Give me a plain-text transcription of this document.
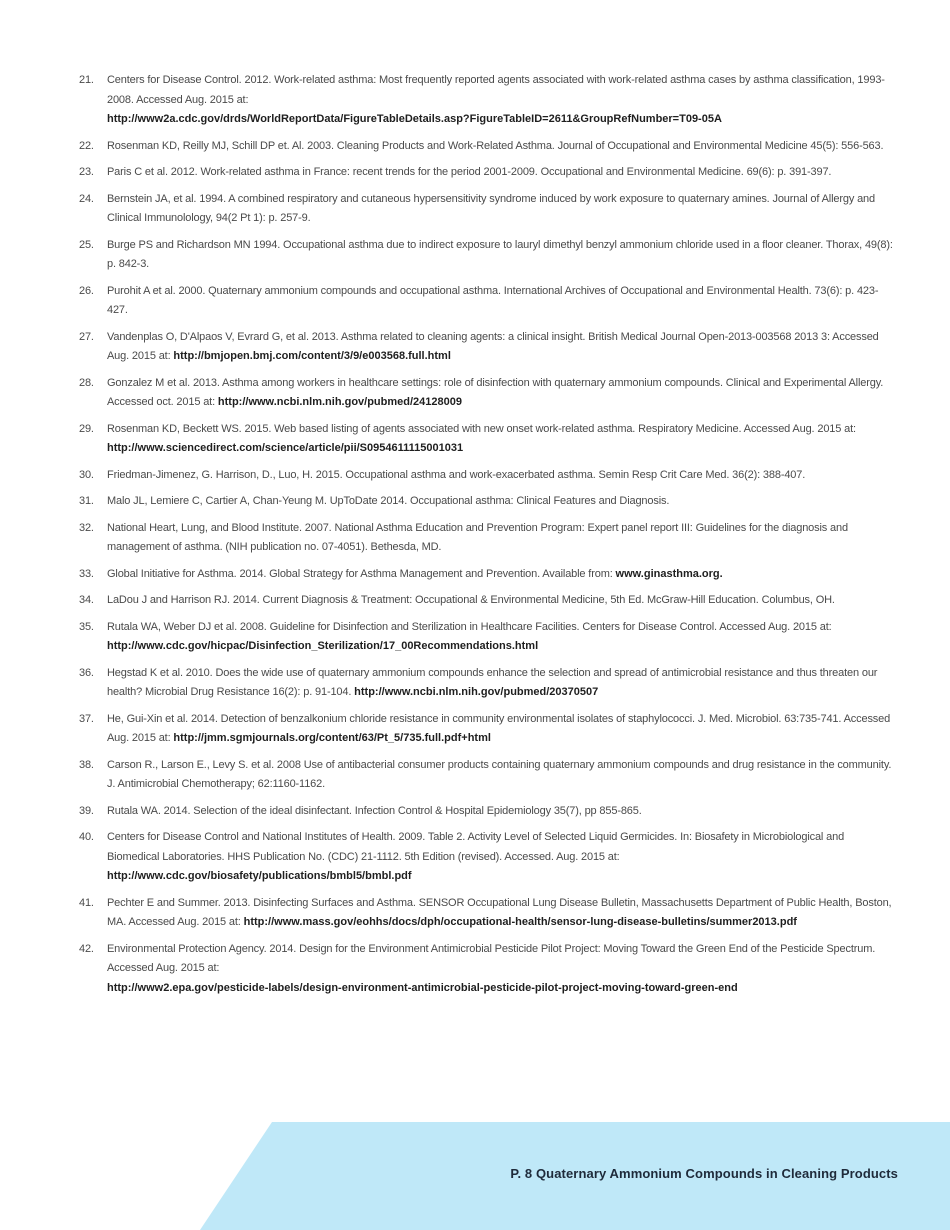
21.	Centers for Disease Control. 2012. Work-related asthma: Most frequently reported agents associated with work-related asthma cases by asthma classification, 1993-2008. Accessed Aug. 2015 at:
http://www2a.cdc.gov/drds/WorldReportData/FigureTableDetails.asp?FigureTableID=2611&GroupRefNumber=T09-05A
22.	Rosenman KD, Reilly MJ, Schill DP et. Al. 2003. Cleaning Products and Work-Related Asthma. Journal of Occupational and Environmental Medicine 45(5): 556-563.
23.	Paris C et al. 2012. Work-related asthma in France: recent trends for the period 2001-2009. Occupational and Environmental Medicine. 69(6): p. 391-397.
24.	Bernstein JA, et al. 1994. A combined respiratory and cutaneous hypersensitivity syndrome induced by work exposure to quaternary amines. Journal of Allergy and Clinical Immunolology, 94(2 Pt 1): p. 257-9.
25.	Burge PS and Richardson MN 1994. Occupational asthma due to indirect exposure to lauryl dimethyl benzyl ammonium chloride used in a floor cleaner. Thorax, 49(8): p. 842-3.
26.	Purohit A et al. 2000. Quaternary ammonium compounds and occupational asthma. International Archives of Occupational and Environmental Health. 73(6): p. 423-427.
27.	Vandenplas O, D'Alpaos V, Evrard G, et al. 2013. Asthma related to cleaning agents: a clinical insight. British Medical Journal Open-2013-003568 2013 3: Accessed Aug. 2015 at: http://bmjopen.bmj.com/content/3/9/e003568.full.html
28.	Gonzalez M et al. 2013. Asthma among workers in healthcare settings: role of disinfection with quaternary ammonium compounds. Clinical and Experimental Allergy. Accessed oct. 2015 at: http://www.ncbi.nlm.nih.gov/pubmed/24128009
29.	Rosenman KD, Beckett WS. 2015. Web based listing of agents associated with new onset work-related asthma. Respiratory Medicine. Accessed Aug. 2015 at: http://www.sciencedirect.com/science/article/pii/S0954611115001031
30.	Friedman-Jimenez, G. Harrison, D., Luo, H. 2015. Occupational asthma and work-exacerbated asthma. Semin Resp Crit Care Med. 36(2): 388-407.
31.	Malo JL, Lemiere C, Cartier A, Chan-Yeung M. UpToDate 2014. Occupational asthma: Clinical Features and Diagnosis.
32.	National Heart, Lung, and Blood Institute. 2007. National Asthma Education and Prevention Program: Expert panel report III: Guidelines for the diagnosis and management of asthma. (NIH publication no. 07-4051). Bethesda, MD.
33.	Global Initiative for Asthma. 2014. Global Strategy for Asthma Management and Prevention. Available from: www.ginasthma.org.
34.	LaDou J and Harrison RJ. 2014. Current Diagnosis & Treatment: Occupational & Environmental Medicine, 5th Ed. McGraw-Hill Education. Columbus, OH.
35.	Rutala WA, Weber DJ et al. 2008. Guideline for Disinfection and Sterilization in Healthcare Facilities. Centers for Disease Control. Accessed Aug. 2015 at:
http://www.cdc.gov/hicpac/Disinfection_Sterilization/17_00Recommendations.html
36.	Hegstad K et al. 2010. Does the wide use of quaternary ammonium compounds enhance the selection and spread of antimicrobial resistance and thus threaten our health? Microbial Drug Resistance 16(2): p. 91-104. http://www.ncbi.nlm.nih.gov/pubmed/20370507
37.	He, Gui-Xin et al. 2014. Detection of benzalkonium chloride resistance in community environmental isolates of staphylococci. J. Med. Microbiol. 63:735-741. Accessed Aug. 2015 at: http://jmm.sgmjournals.org/content/63/Pt_5/735.full.pdf+html
38.	Carson R., Larson E., Levy S. et al. 2008 Use of antibacterial consumer products containing quaternary ammonium compounds and drug resistance in the community. J. Antimicrobial Chemotherapy; 62:1160-1162.
39.	Rutala WA. 2014. Selection of the ideal disinfectant. Infection Control & Hospital Epidemiology 35(7), pp 855-865.
40.	Centers for Disease Control and National Institutes of Health. 2009. Table 2. Activity Level of Selected Liquid Germicides. In: Biosafety in Microbiological and Biomedical Laboratories. HHS Publication No. (CDC) 21-1112. 5th Edition (revised). Accessed. Aug. 2015 at:
http://www.cdc.gov/biosafety/publications/bmbl5/bmbl.pdf
41.	Pechter E and Summer. 2013. Disinfecting Surfaces and Asthma. SENSOR Occupational Lung Disease Bulletin, Massachusetts Department of Public Health, Boston, MA. Accessed Aug. 2015 at: http://www.mass.gov/eohhs/docs/dph/occupational-health/sensor-lung-disease-bulletins/summer2013.pdf
42.	Environmental Protection Agency. 2014. Design for the Environment Antimicrobial Pesticide Pilot Project: Moving Toward the Green End of the Pesticide Spectrum. Accessed Aug. 2015 at:
http://www2.epa.gov/pesticide-labels/design-environment-antimicrobial-pesticide-pilot-project-moving-toward-green-end
P. 8 Quaternary Ammonium Compounds in Cleaning Products
